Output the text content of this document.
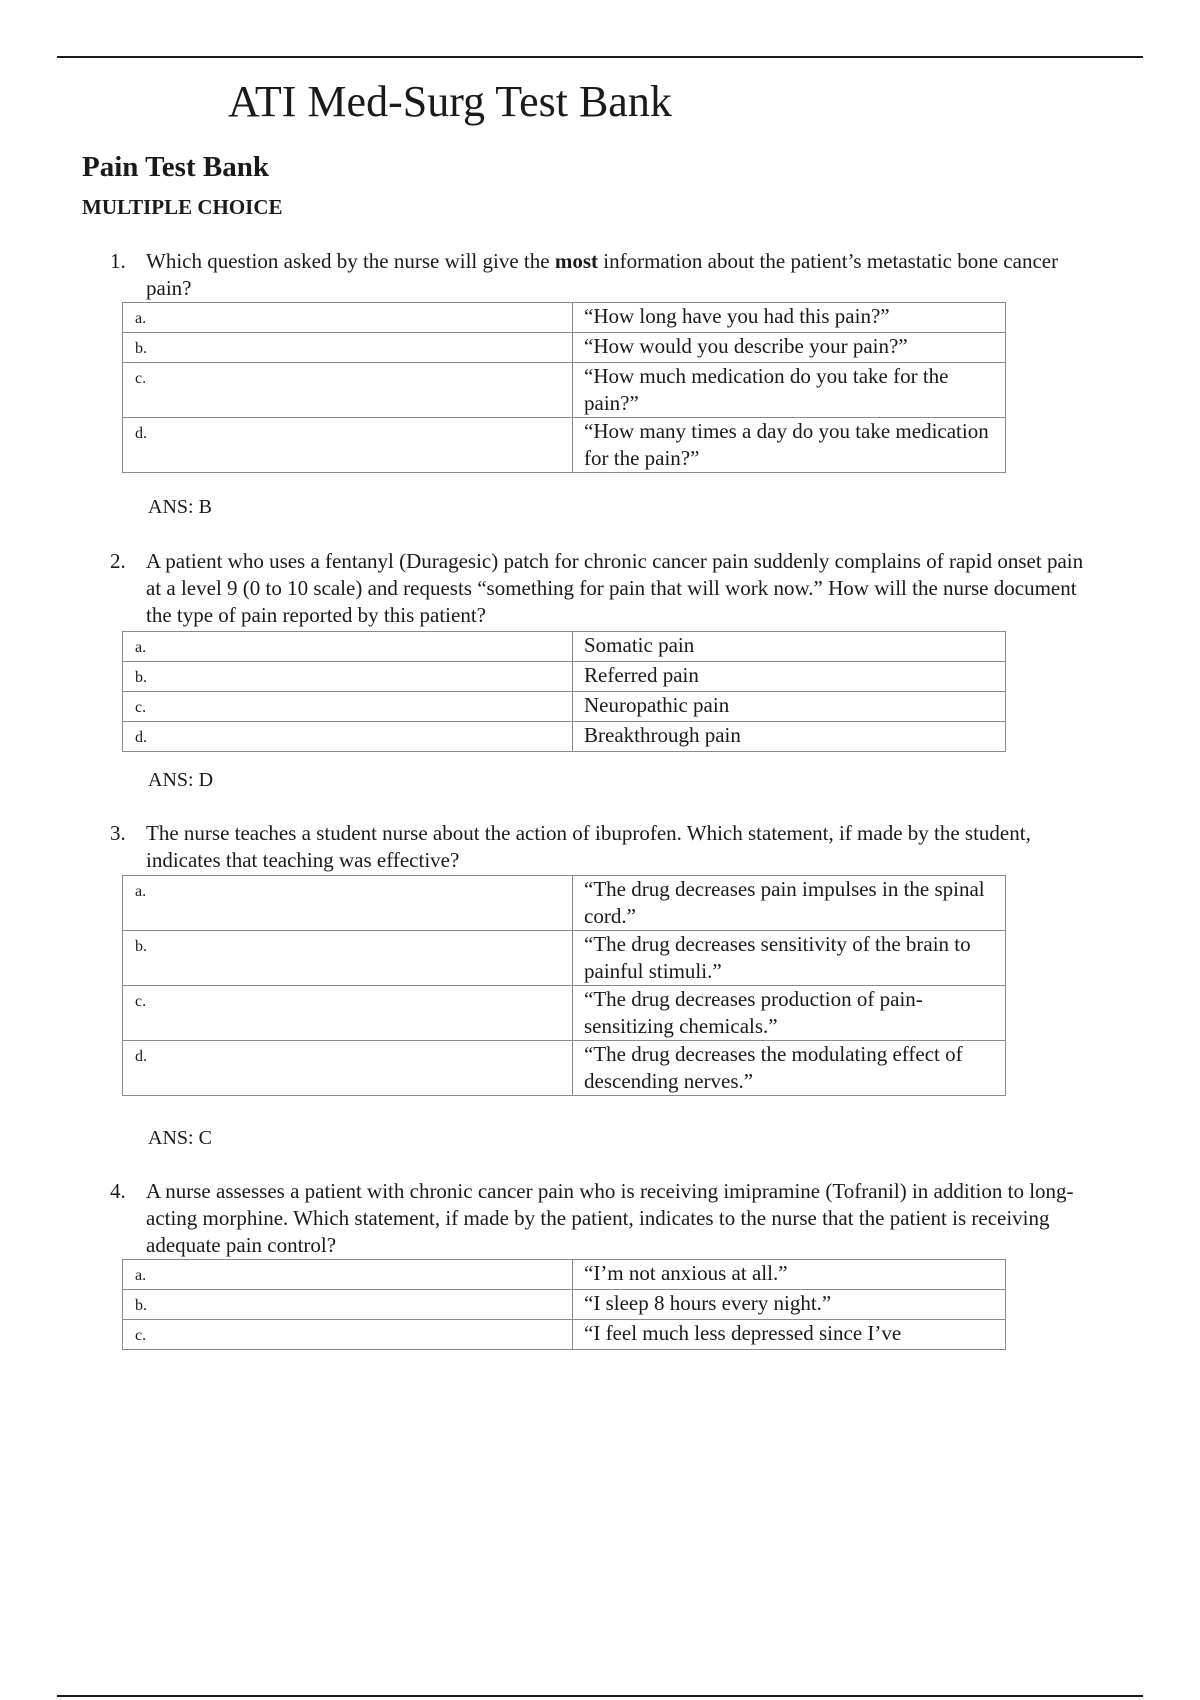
ATI Med-Surg Test Bank
Pain Test Bank
MULTIPLE CHOICE
1. Which question asked by the nurse will give the most information about the patient’s metastatic bone cancer pain?
a.	“How long have you had this pain?”
b.	“How would you describe your pain?”
c.	“How much medication do you take for the pain?”
d.	“How many times a day do you take medication for the pain?”
ANS: B
2. A patient who uses a fentanyl (Duragesic) patch for chronic cancer pain suddenly complains of rapid onset pain at a level 9 (0 to 10 scale) and requests “something for pain that will work now.” How will the nurse document the type of pain reported by this patient?
a.	Somatic pain
b.	Referred pain
c.	Neuropathic pain
d.	Breakthrough pain
ANS: D
3. The nurse teaches a student nurse about the action of ibuprofen. Which statement, if made by the student, indicates that teaching was effective?
a.	“The drug decreases pain impulses in the spinal cord.”
b.	“The drug decreases sensitivity of the brain to painful stimuli.”
c.	“The drug decreases production of pain-sensitizing chemicals.”
d.	“The drug decreases the modulating effect of descending nerves.”
ANS: C
4. A nurse assesses a patient with chronic cancer pain who is receiving imipramine (Tofranil) in addition to long-acting morphine. Which statement, if made by the patient, indicates to the nurse that the patient is receiving adequate pain control?
a.	“I’m not anxious at all.”
b.	“I sleep 8 hours every night.”
c.	“I feel much less depressed since I’ve
